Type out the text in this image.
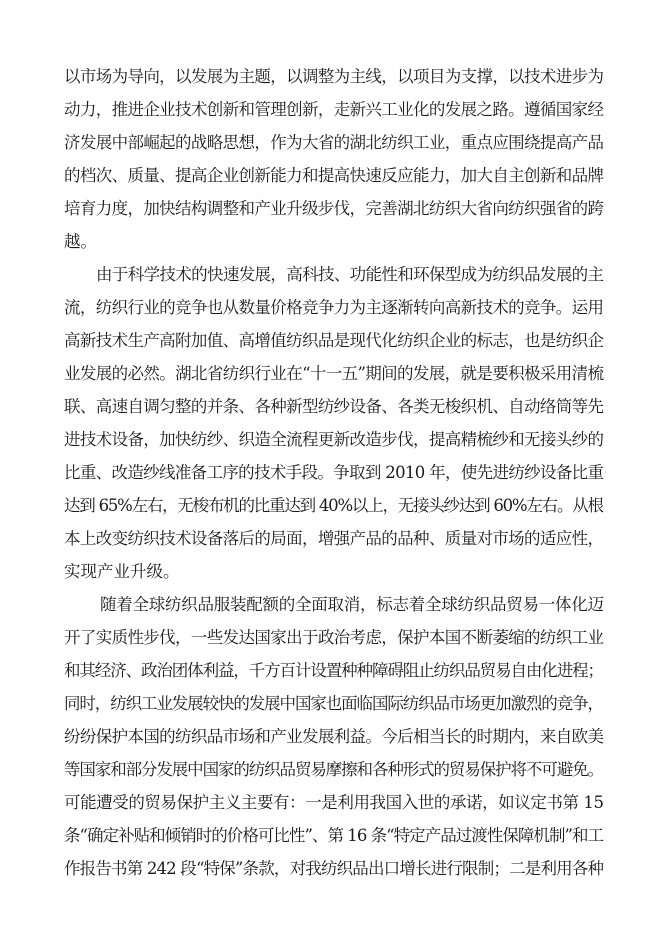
以市场为导向，以发展为主题，以调整为主线，以项目为支撑，以技术进步为
动力，推进企业技术创新和管理创新，走新兴工业化的发展之路。遵循国家经
济发展中部崛起的战略思想，作为大省的湖北纺织工业，重点应围绕提高产品
的档次、质量、提高企业创新能力和提高快速反应能力，加大自主创新和品牌
培育力度，加快结构调整和产业升级步伐，完善湖北纺织大省向纺织强省的跨
越。
由于科学技术的快速发展，高科技、功能性和环保型成为纺织品发展的主
流，纺织行业的竞争也从数量价格竞争力为主逐渐转向高新技术的竞争。运用
高新技术生产高附加值、高增值纺织品是现代化纺织企业的标志，也是纺织企
业发展的必然。湖北省纺织行业在“十一五”期间的发展，就是要积极采用清梳
联、高速自调匀整的并条、各种新型纺纱设备、各类无梭织机、自动络筒等先
进技术设备，加快纺纱、织造全流程更新改造步伐，提高精梳纱和无接头纱的
比重、改造纱线准备工序的技术手段。争取到 2010 年，使先进纺纱设备比重
达到 65%左右，无梭布机的比重达到 40%以上，无接头纱达到 60%左右。从根
本上改变纺织技术设备落后的局面，增强产品的品种、质量对市场的适应性，
实现产业升级。
随着全球纺织品服装配额的全面取消，标志着全球纺织品贸易一体化迈
开了实质性步伐，一些发达国家出于政治考虑，保护本国不断萎缩的纺织工业
和其经济、政治团体利益，千方百计设置种种障碍阻止纺织品贸易自由化进程；
同时，纺织工业发展较快的发展中国家也面临国际纺织品市场更加激烈的竞争，
纷纷保护本国的纺织品市场和产业发展利益。今后相当长的时期内，来自欧美
等国家和部分发展中国家的纺织品贸易摩擦和各种形式的贸易保护将不可避免。
可能遭受的贸易保护主义主要有：一是利用我国入世的承诺，如议定书第 15
条“确定补贴和倾销时的价格可比性”、第 16 条“特定产品过渡性保障机制”和工
作报告书第 242 段“特保”条款，对我纺织品出口增长进行限制；二是利用各种
